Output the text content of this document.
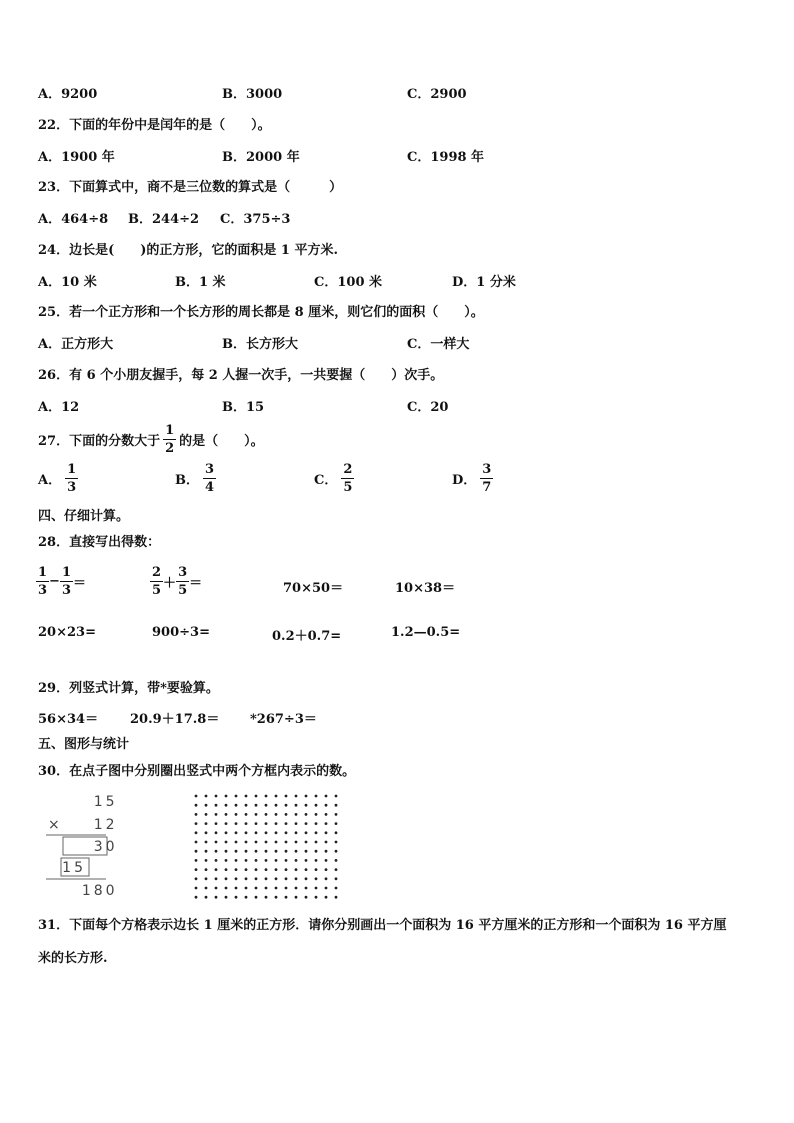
A．9200	B．3000	C．2900
22．下面的年份中是闰年的是（　　）。
A．1900 年	B．2000 年	C．1998 年
23．下面算式中，商不是三位数的算式是（　　　）
A．464÷8 B．244÷2 C．375÷3
24．边长是(　　)的正方形，它的面积是 1 平方米.
A．10 米	B．1 米	C．100 米	D．1 分米
25．若一个正方形和一个长方形的周长都是 8 厘米，则它们的面积（　　）。
A．正方形大	B．长方形大	C．一样大
26．有 6 个小朋友握手，每 2 人握一次手，一共要握（　　）次手。
A．12	B．15	C．20
27．下面的分数大于 $\frac{1}{2}$ 的是（　　）。
A． $\frac{1}{3}$	B． $\frac{3}{4}$	C． $\frac{2}{5}$	D． $\frac{3}{7}$
四、仔细计算。
28．直接写出得数：
$\frac{1}{3} - \frac{1}{3}$ ＝	$\frac{2}{5} + \frac{3}{5}$ ＝	70×50＝	10×38＝
20×23=	900÷3=	0.2＋0.7=	1.2—0.5=
29．列竖式计算，带*要验算。
56×34＝ 20.9＋17.8＝ *267÷3＝
五、图形与统计
30．在点子图中分别圈出竖式中两个方框内表示的数。
15
× 12
30
15
180
31．下面每个方格表示边长 1 厘米的正方形．请你分别画出一个面积为 16 平方厘米的正方形和一个面积为 16 平方厘
米的长方形.
